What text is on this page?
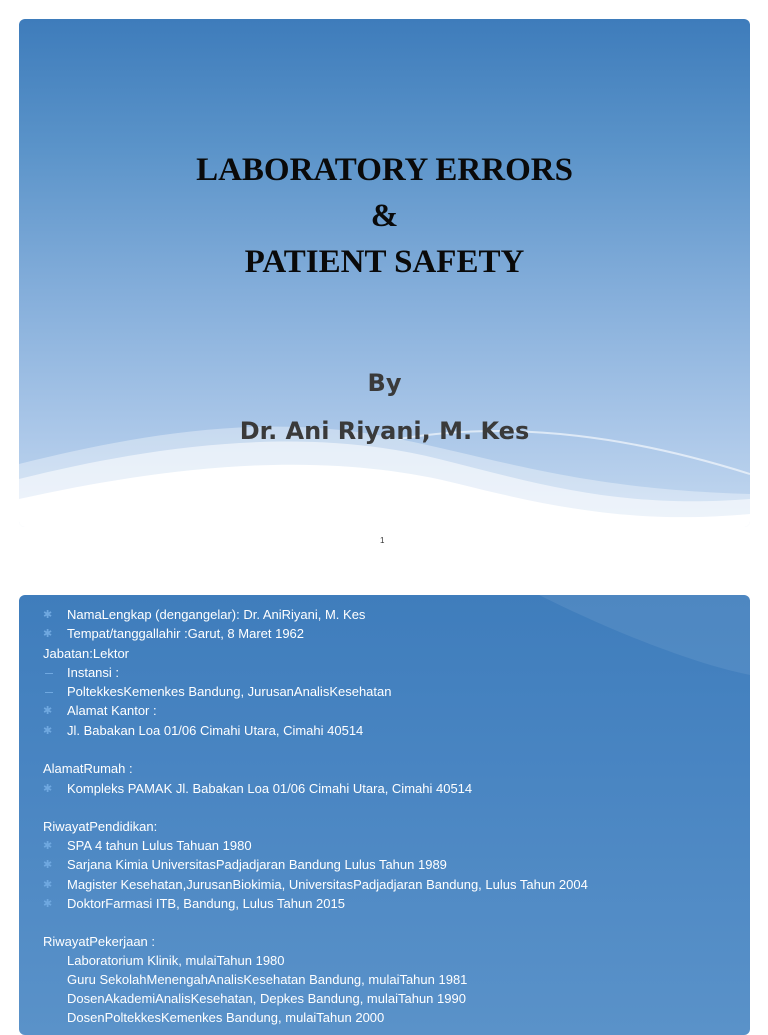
LABORATORY ERRORS
&
PATIENT SAFETY
By
Dr. Ani Riyani, M. Kes
1
✱ NamaLengkap (dengangelar): Dr. AniRiyani, M. Kes
✱ Tempat/tanggallahir :Garut, 8 Maret 1962
Jabatan:Lektor
Instansi :
PoltekkesKemenkes Bandung, JurusanAnalisKesehatan
✱ Alamat Kantor :
✱ Jl. Babakan Loa 01/06 Cimahi Utara, Cimahi 40514
AlamatRumah :
✱ Kompleks PAMAK Jl. Babakan Loa 01/06 Cimahi Utara, Cimahi 40514
RiwayatPendidikan:
✱ SPA 4 tahun Lulus Tahuan 1980
✱ Sarjana Kimia UniversitasPadjadjaran Bandung Lulus Tahun 1989
✱ Magister Kesehatan,JurusanBiokimia, UniversitasPadjadjaran Bandung, Lulus Tahun 2004
✱ DoktorFarmasi ITB, Bandung, Lulus Tahun 2015
RiwayatPekerjaan :
Laboratorium Klinik, mulaiTahun 1980
Guru SekolahMenengahAnalisKesehatan Bandung, mulaiTahun 1981
DosenAkademiAnalisKesehatan, Depkes Bandung, mulaiTahun 1990
DosenPoltekkesKemenkes Bandung, mulaiTahun 2000
